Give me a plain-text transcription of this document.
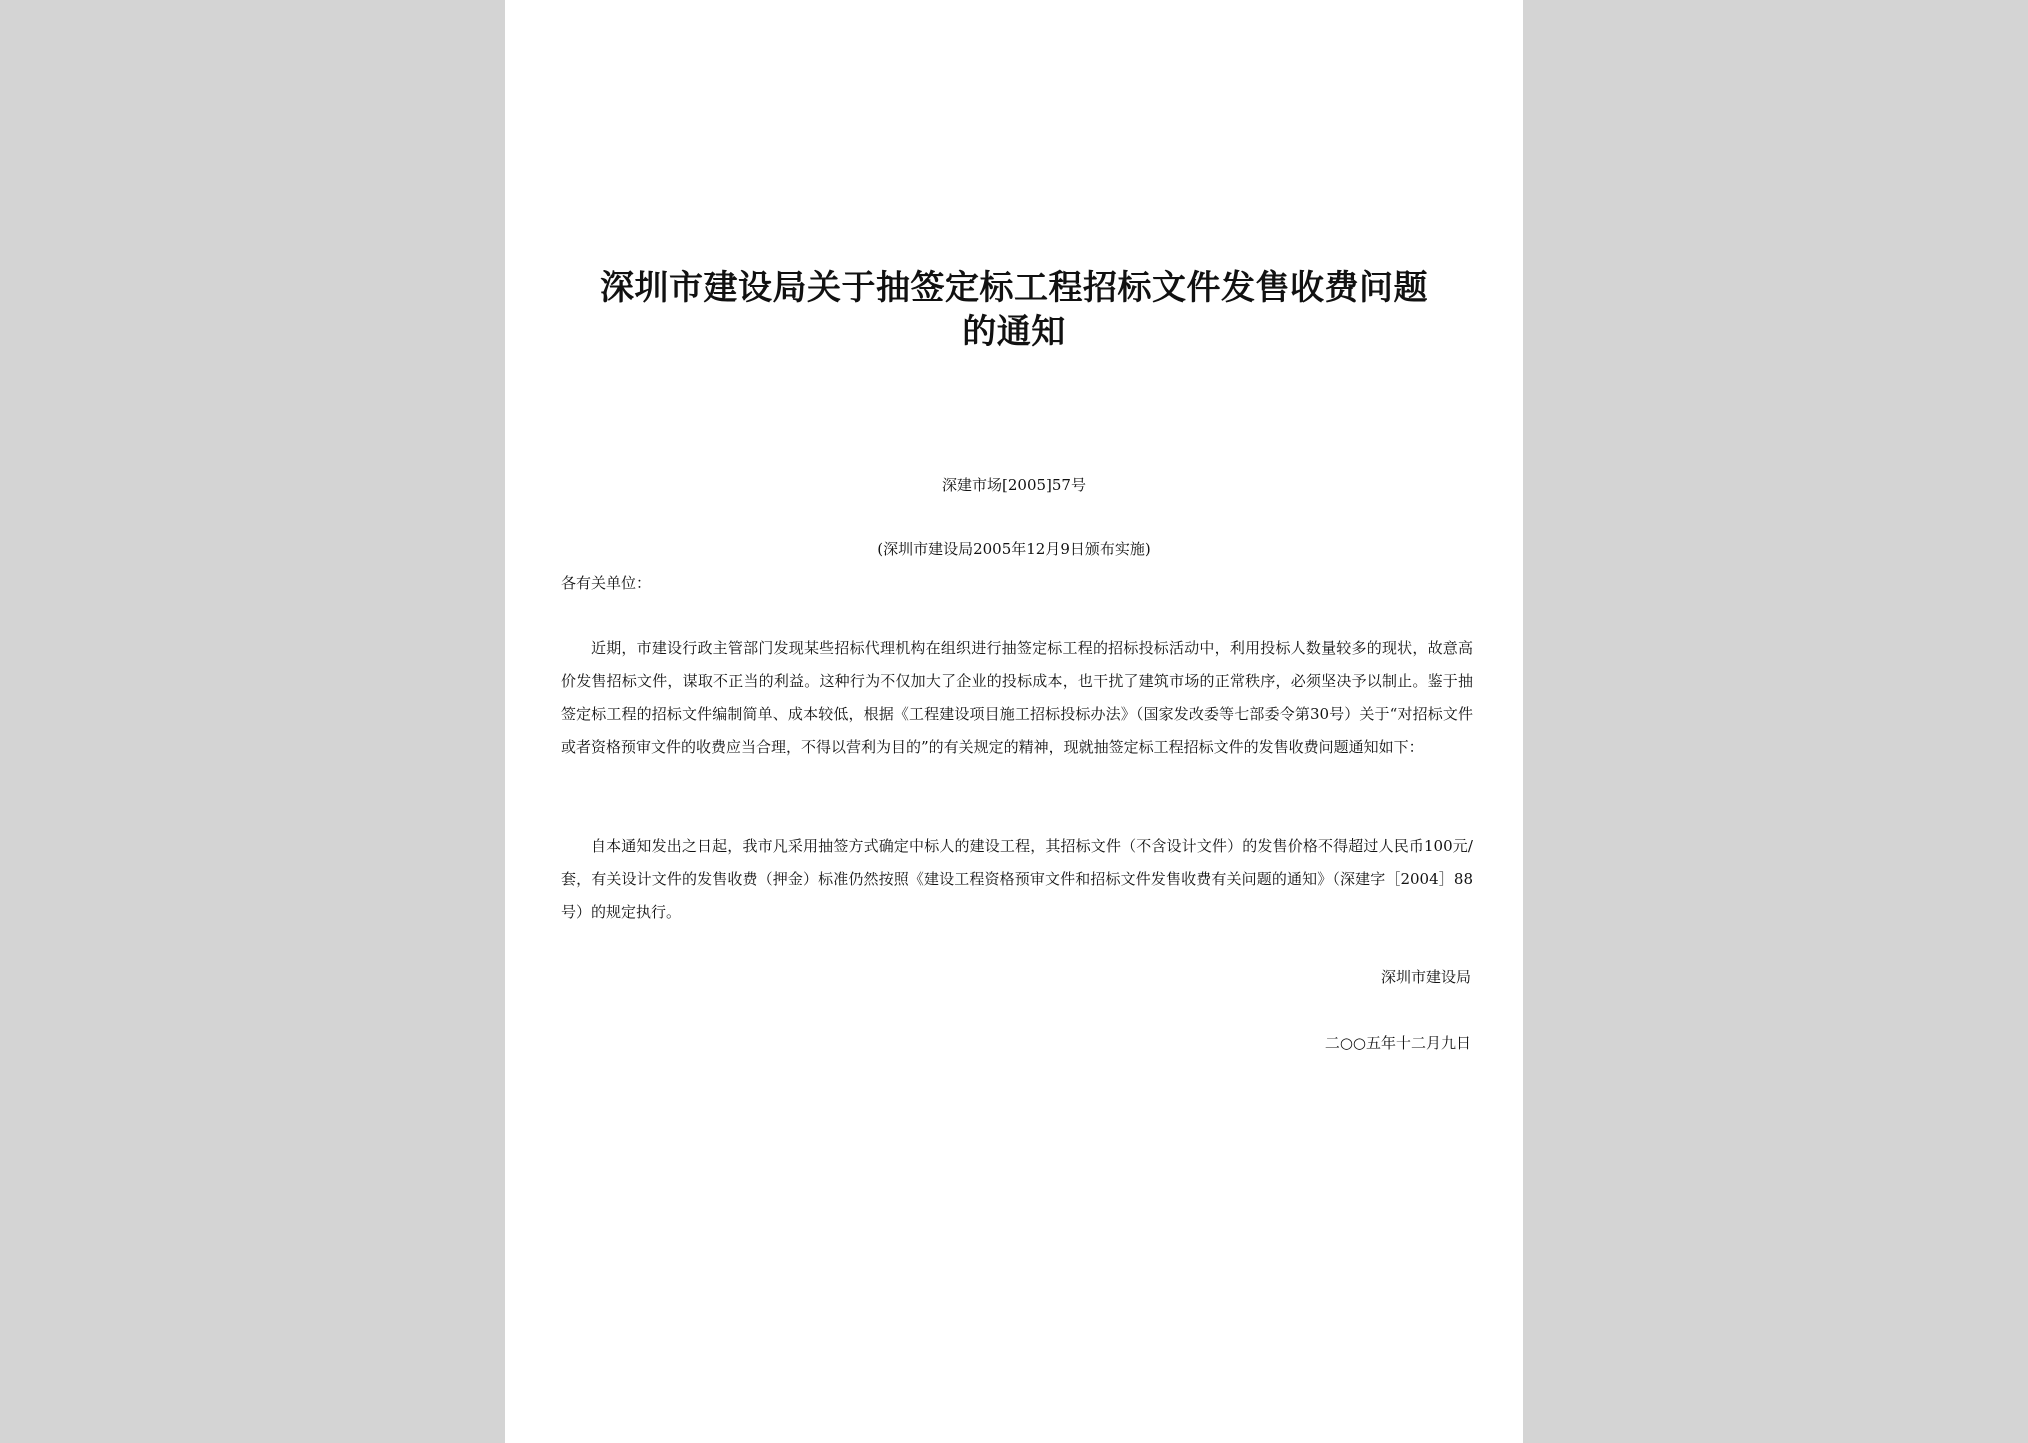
深圳市建设局关于抽签定标工程招标文件发售收费问题
的通知
深建市场[2005]57号
(深圳市建设局2005年12月9日颁布实施)
各有关单位：
近期，市建设行政主管部门发现某些招标代理机构在组织进行抽签定标工程的招标投标活动中，利用投标人数量较多的现状，故意高价发售招标文件，谋取不正当的利益。这种行为不仅加大了企业的投标成本，也干扰了建筑市场的正常秩序，必须坚决予以制止。鉴于抽签定标工程的招标文件编制简单、成本较低，根据《工程建设项目施工招标投标办法》（国家发改委等七部委令第30号）关于“对招标文件或者资格预审文件的收费应当合理，不得以营利为目的”的有关规定的精神，现就抽签定标工程招标文件的发售收费问题通知如下：
自本通知发出之日起，我市凡采用抽签方式确定中标人的建设工程，其招标文件（不含设计文件）的发售价格不得超过人民币100元/套，有关设计文件的发售收费（押金）标准仍然按照《建设工程资格预审文件和招标文件发售收费有关问题的通知》（深建字［2004］88号）的规定执行。
深圳市建设局
二○○五年十二月九日
